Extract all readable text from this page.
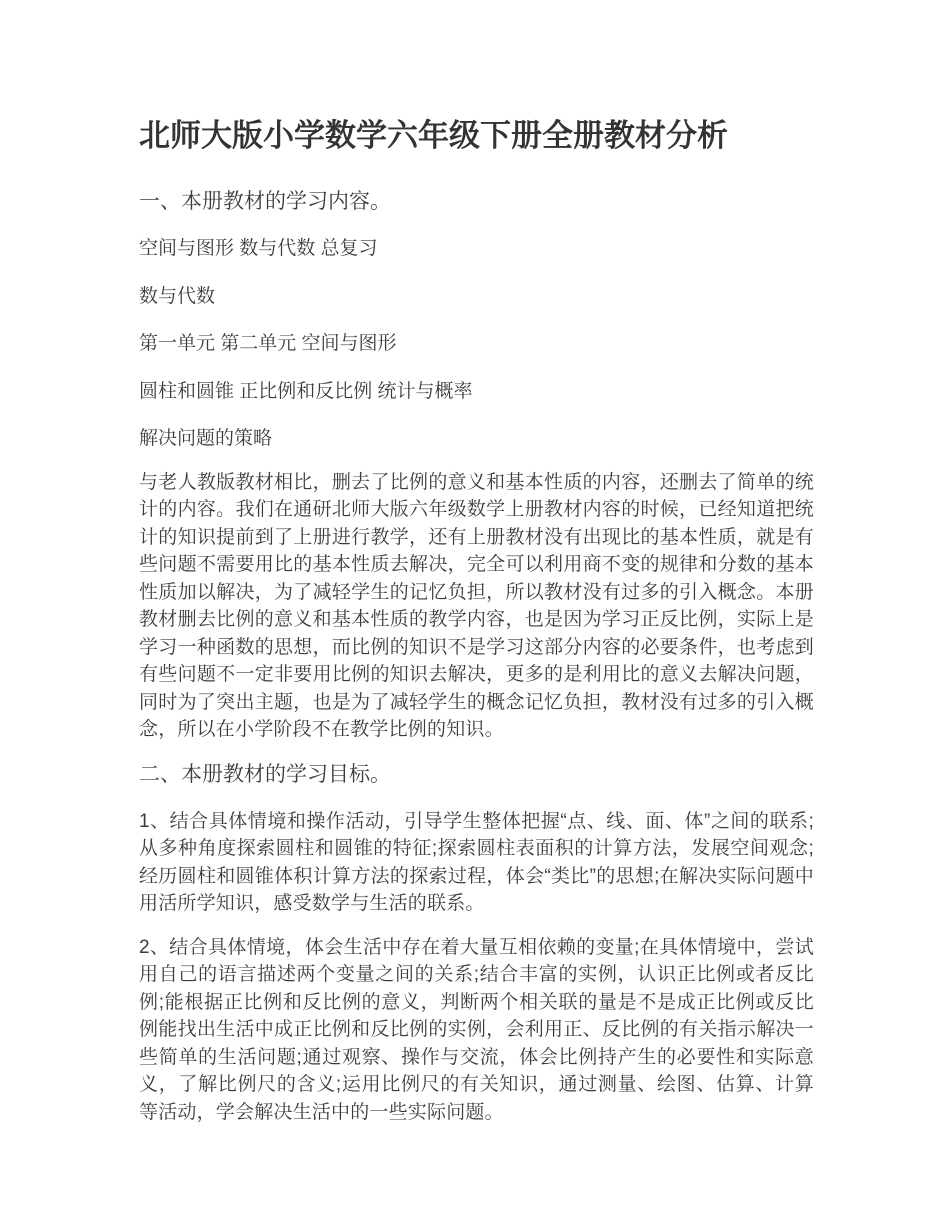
北师大版小学数学六年级下册全册教材分析
一、本册教材的学习内容。

空间与图形 数与代数 总复习

数与代数

第一单元 第二单元 空间与图形

圆柱和圆锥 正比例和反比例 统计与概率

解决问题的策略

与老人教版教材相比，删去了比例的意义和基本性质的内容，还删去了简单的统计的内容。我们在通研北师大版六年级数学上册教材内容的时候，已经知道把统计的知识提前到了上册进行教学，还有上册教材没有出现比的基本性质，就是有些问题不需要用比的基本性质去解决，完全可以利用商不变的规律和分数的基本性质加以解决，为了减轻学生的记忆负担，所以教材没有过多的引入概念。本册教材删去比例的意义和基本性质的教学内容，也是因为学习正反比例，实际上是学习一种函数的思想，而比例的知识不是学习这部分内容的必要条件，也考虑到有些问题不一定非要用比例的知识去解决，更多的是利用比的意义去解决问题，同时为了突出主题，也是为了减轻学生的概念记忆负担，教材没有过多的引入概念，所以在小学阶段不在教学比例的知识。

二、本册教材的学习目标。

1、结合具体情境和操作活动，引导学生整体把握“点、线、面、体”之间的联系;从多种角度探索圆柱和圆锥的特征;探索圆柱表面积的计算方法，发展空间观念;经历圆柱和圆锥体积计算方法的探索过程，体会“类比”的思想;在解决实际问题中用活所学知识，感受数学与生活的联系。

2、结合具体情境，体会生活中存在着大量互相依赖的变量;在具体情境中，尝试用自己的语言描述两个变量之间的关系;结合丰富的实例，认识正比例或者反比例;能根据正比例和反比例的意义，判断两个相关联的量是不是成正比例或反比例能找出生活中成正比例和反比例的实例，会利用正、反比例的有关指示解决一些简单的生活问题;通过观察、操作与交流，体会比例持产生的必要性和实际意义，了解比例尺的含义;运用比例尺的有关知识，通过测量、绘图、估算、计算等活动，学会解决生活中的一些实际问题。
